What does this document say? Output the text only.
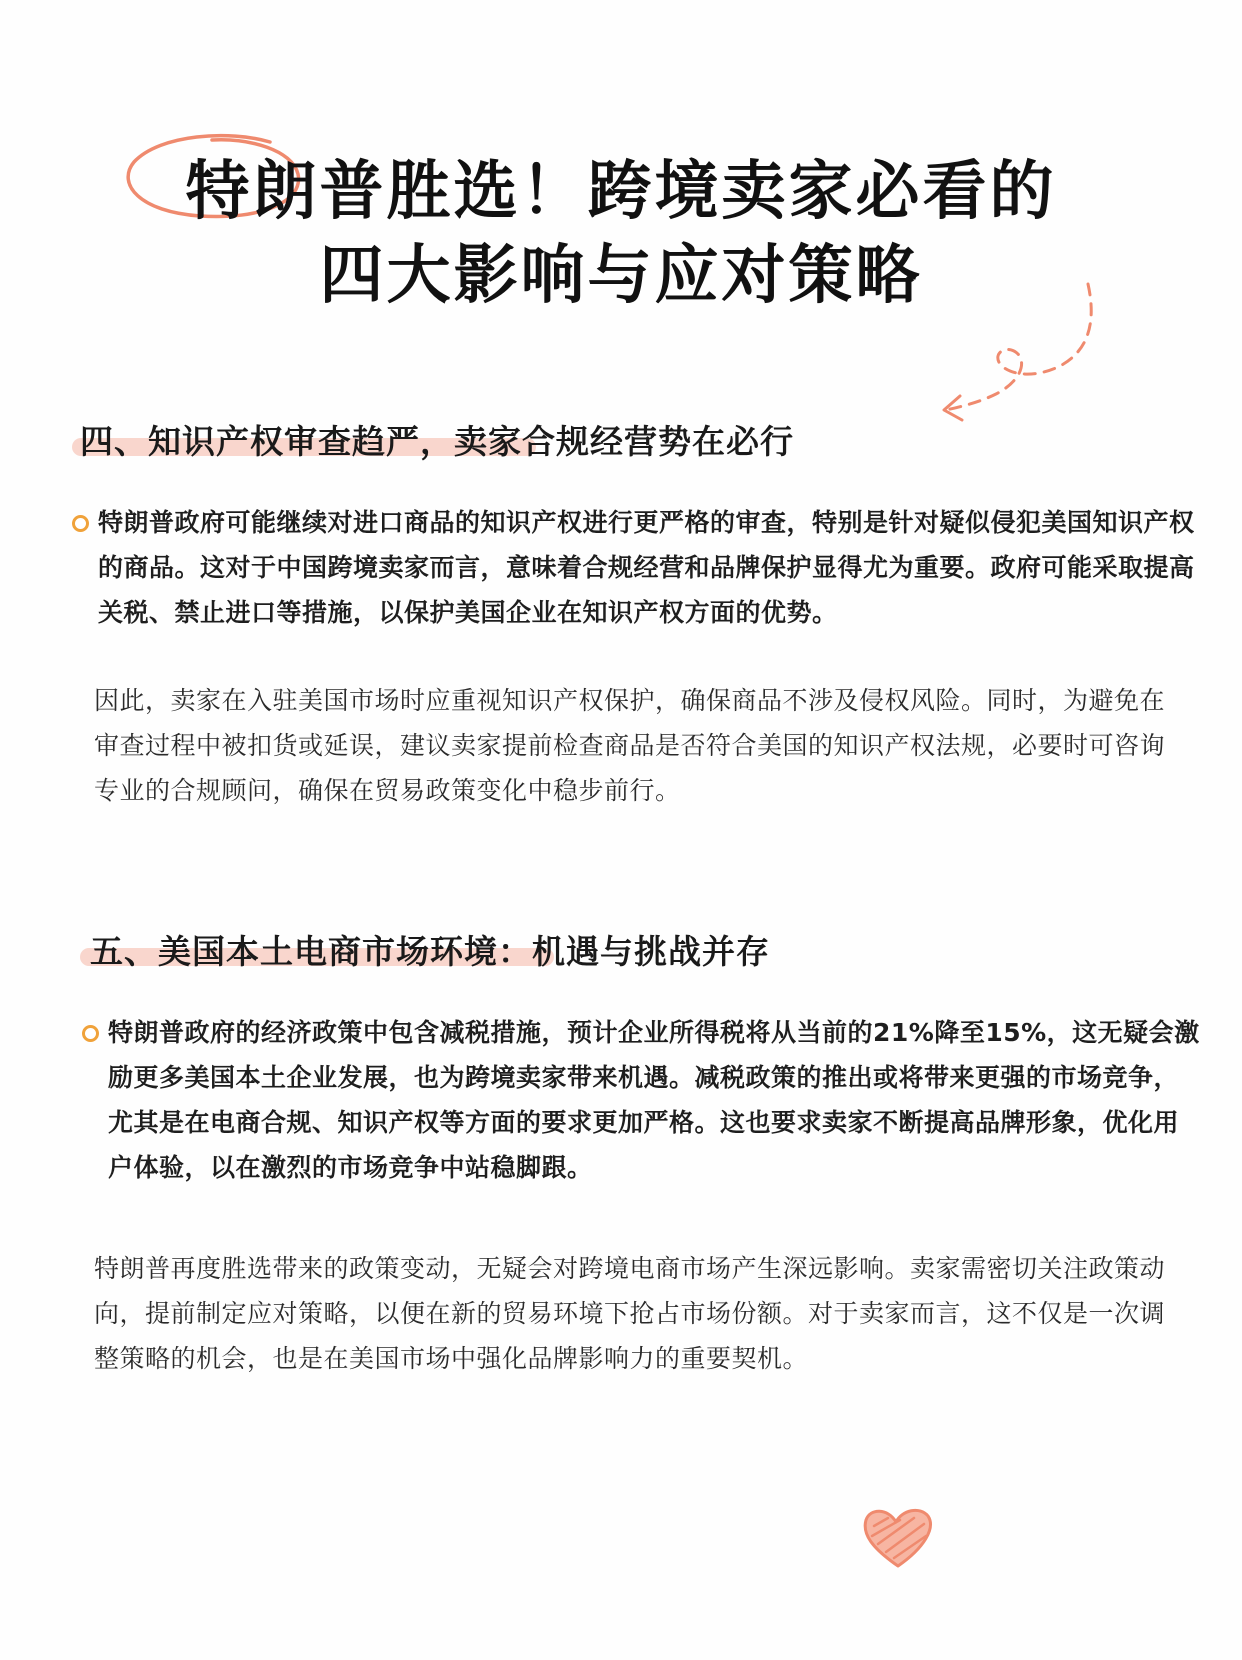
特朗普胜选！跨境卖家必看的
四大影响与应对策略
四、知识产权审查趋严，卖家合规经营势在必行

特朗普政府可能继续对进口商品的知识产权进行更严格的审查，特别是针对疑似侵犯美国知识产权的商品。这对于中国跨境卖家而言，意味着合规经营和品牌保护显得尤为重要。政府可能采取提高关税、禁止进口等措施，以保护美国企业在知识产权方面的优势。

因此，卖家在入驻美国市场时应重视知识产权保护，确保商品不涉及侵权风险。同时，为避免在审查过程中被扣货或延误，建议卖家提前检查商品是否符合美国的知识产权法规，必要时可咨询专业的合规顾问，确保在贸易政策变化中稳步前行。

五、美国本土电商市场环境：机遇与挑战并存

特朗普政府的经济政策中包含减税措施，预计企业所得税将从当前的21%降至15%，这无疑会激励更多美国本土企业发展，也为跨境卖家带来机遇。减税政策的推出或将带来更强的市场竞争，尤其是在电商合规、知识产权等方面的要求更加严格。这也要求卖家不断提高品牌形象，优化用户体验，以在激烈的市场竞争中站稳脚跟。

特朗普再度胜选带来的政策变动，无疑会对跨境电商市场产生深远影响。卖家需密切关注政策动向，提前制定应对策略，以便在新的贸易环境下抢占市场份额。对于卖家而言，这不仅是一次调整策略的机会，也是在美国市场中强化品牌影响力的重要契机。
